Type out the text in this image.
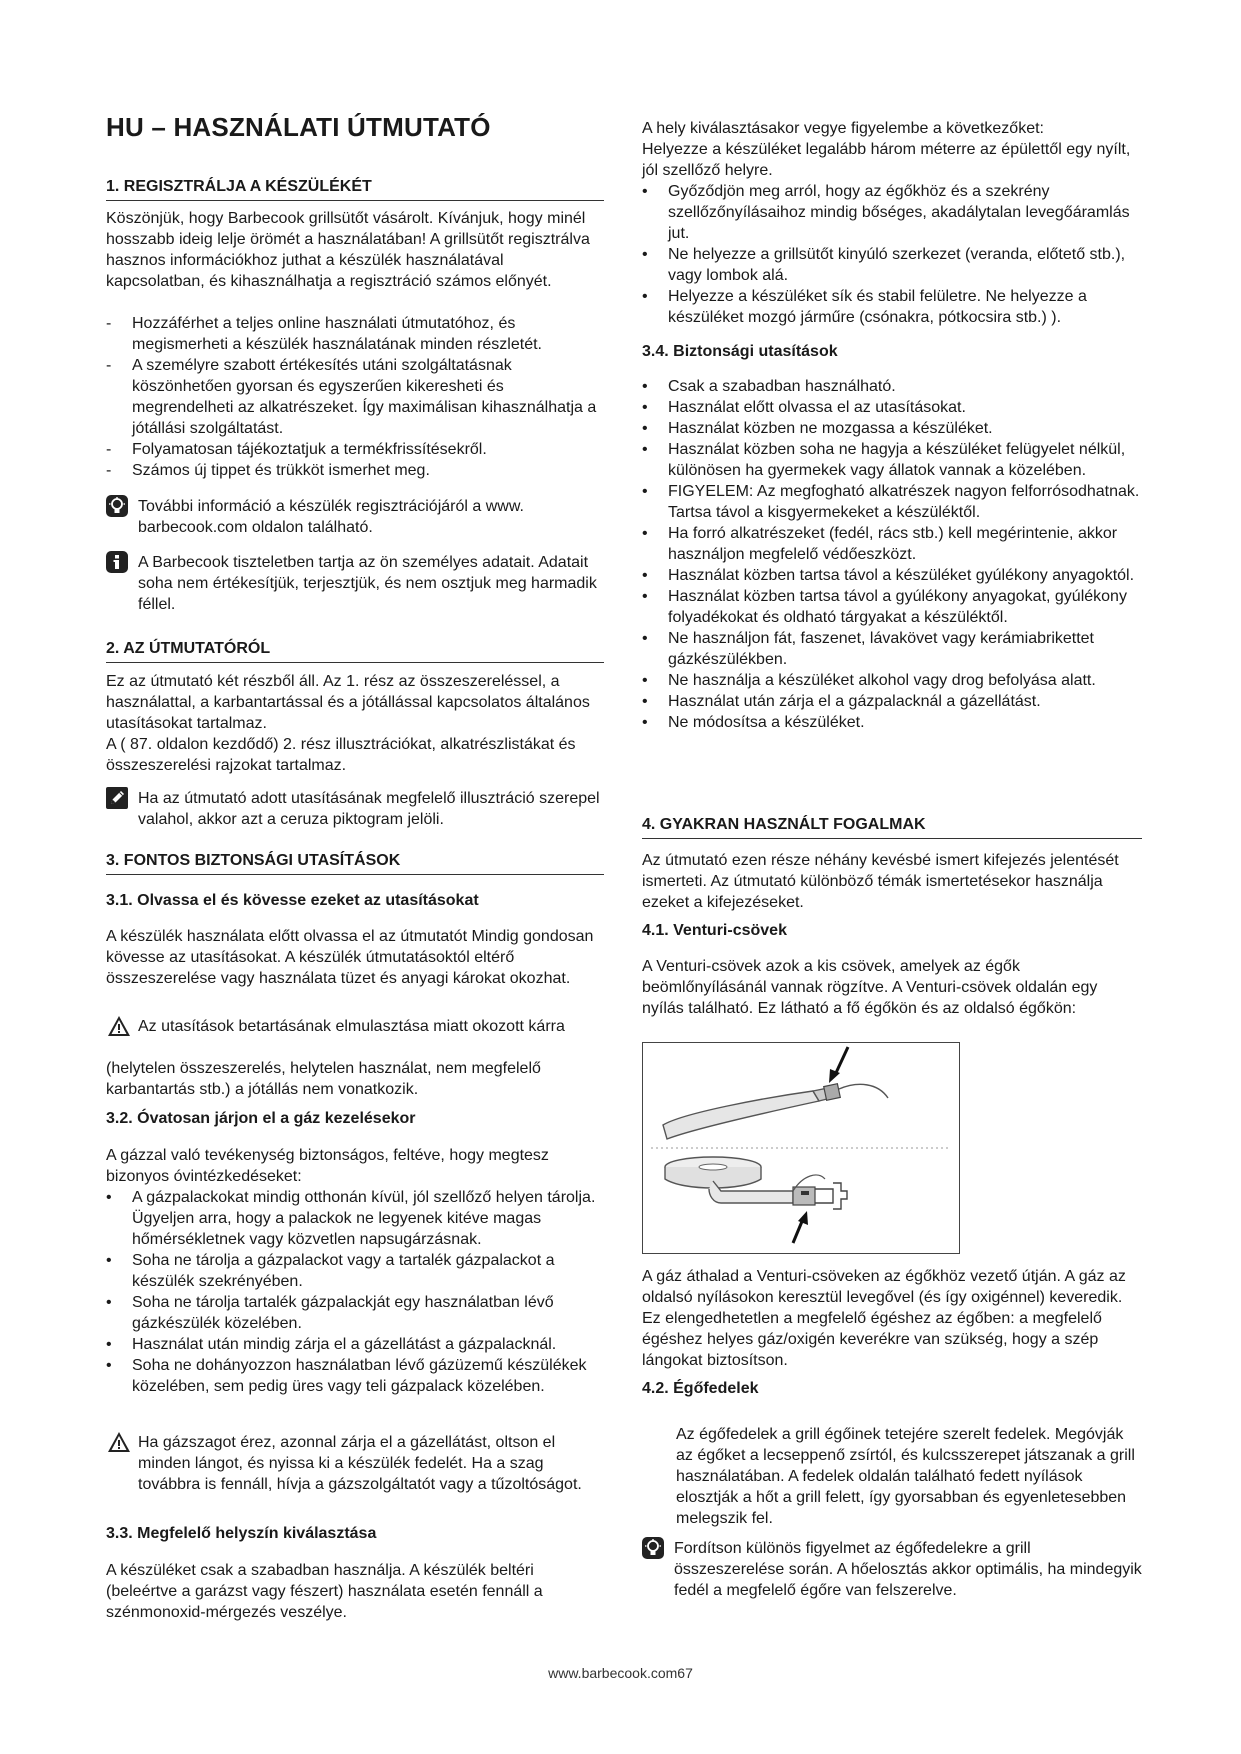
HU – HASZNÁLATI ÚTMUTATÓ
1. REGISZTRÁLJA A KÉSZÜLÉKÉT

Köszönjük, hogy Barbecook grillsütőt vásárolt. Kívánjuk, hogy minél hosszabb ideig lelje örömét a használatában! A grillsütőt regisztrálva hasznos információkhoz juthat a készülék használatával kapcsolatban, és kihasználhatja a regisztráció számos előnyét.

- Hozzáférhet a teljes online használati útmutatóhoz, és megismerheti a készülék használatának minden részletét.
- A személyre szabott értékesítés utáni szolgáltatásnak köszönhetően gyorsan és egyszerűen kikeresheti és megrendelheti az alkatrészeket. Így maximálisan kihasználhatja a jótállási szolgáltatást.
- Folyamatosan tájékoztatjuk a termékfrissítésekről.
- Számos új tippet és trükköt ismerhet meg.

További információ a készülék regisztrációjáról a www. barbecook.com oldalon található.

A Barbecook tiszteletben tartja az ön személyes adatait. Adatait soha nem értékesítjük, terjesztjük, és nem osztjuk meg harmadik féllel.

2. AZ ÚTMUTATÓRÓL

Ez az útmutató két részből áll. Az 1. rész az összeszereléssel, a használattal, a karbantartással és a jótállással kapcsolatos általános utasításokat tartalmaz.

A ( 87. oldalon kezdődő) 2. rész illusztrációkat, alkatrészlistákat és összeszerelési rajzokat tartalmaz.

Ha az útmutató adott utasításának megfelelő illusztráció szerepel valahol, akkor azt a ceruza piktogram jelöli.

3. FONTOS BIZTONSÁGI UTASÍTÁSOK
3.1. Olvassa el és kövesse ezeket az utasításokat

A készülék használata előtt olvassa el az útmutatót Mindig gondosan kövesse az utasításokat. A készülék útmutatásoktól eltérő összeszerelése vagy használata tüzet és anyagi károkat okozhat.

Az utasítások betartásának elmulasztása miatt okozott kárra

(helytelen összeszerelés, helytelen használat, nem megfelelő karbantartás stb.) a jótállás nem vonatkozik.

3.2. Óvatosan járjon el a gáz kezelésekor

A gázzal való tevékenység biztonságos, feltéve, hogy megtesz bizonyos óvintézkedéseket:

• A gázpalackokat mindig otthonán kívül, jól szellőző helyen tárolja. Ügyeljen arra, hogy a palackok ne legyenek kitéve magas hőmérsékletnek vagy közvetlen napsugárzásnak.
• Soha ne tárolja a gázpalackot vagy a tartalék gázpalackot a készülék szekrényében.
• Soha ne tárolja tartalék gázpalackját egy használatban lévő gázkészülék közelében.
• Használat után mindig zárja el a gázellátást a gázpalacknál.
• Soha ne dohányozzon használatban lévő gázüzemű készülékek közelében, sem pedig üres vagy teli gázpalack közelében.

Ha gázszagot érez, azonnal zárja el a gázellátást, oltson el minden lángot, és nyissa ki a készülék fedelét. Ha a szag továbbra is fennáll, hívja a gázszolgáltatót vagy a tűzoltóságot.

3.3. Megfelelő helyszín kiválasztása

A készüléket csak a szabadban használja. A készülék beltéri (beleértve a garázst vagy fészert) használata esetén fennáll a szénmonoxid-mérgezés veszélye.

A hely kiválasztásakor vegye figyelembe a következőket:

Helyezze a készüléket legalább három méterre az épülettől egy nyílt, jól szellőző helyre.

• Győződjön meg arról, hogy az égőkhöz és a szekrény szellőzőnyílásaihoz mindig bőséges, akadálytalan levegőáramlás jut.
• Ne helyezze a grillsütőt kinyúló szerkezet (veranda, előtető stb.), vagy lombok alá.
• Helyezze a készüléket sík és stabil felületre. Ne helyezze a készüléket mozgó járműre (csónakra, pótkocsira stb.) ).
3.4. Biztonsági utasítások
• Csak a szabadban használható.
• Használat előtt olvassa el az utasításokat.
• Használat közben ne mozgassa a készüléket.
• Használat közben soha ne hagyja a készüléket felügyelet nélkül, különösen ha gyermekek vagy állatok vannak a közelében.
• FIGYELEM: Az megfogható alkatrészek nagyon felforrósodhatnak. Tartsa távol a kisgyermekeket a készüléktől.
• Ha forró alkatrészeket (fedél, rács stb.) kell megérintenie, akkor használjon megfelelő védőeszközt.
• Használat közben tartsa távol a készüléket gyúlékony anyagoktól.
• Használat közben tartsa távol a gyúlékony anyagokat, gyúlékony folyadékokat és oldható tárgyakat a készüléktől.
• Ne használjon fát, faszenet, lávakövet vagy kerámiabrikettet gázkészülékben.
• Ne használja a készüléket alkohol vagy drog befolyása alatt.
• Használat után zárja el a gázpalacknál a gázellátást.
• Ne módosítsa a készüléket.
4. GYAKRAN HASZNÁLT FOGALMAK

Az útmutató ezen része néhány kevésbé ismert kifejezés jelentését ismerteti. Az útmutató különböző témák ismertetésekor használja ezeket a kifejezéseket.

4.1. Venturi-csövek

A Venturi-csövek azok a kis csövek, amelyek az égők beömlőnyílásánál vannak rögzítve. A Venturi-csövek oldalán egy nyílás található. Ez látható a fő égőkön és az oldalsó égőkön:

A gáz áthalad a Venturi-csöveken az égőkhöz vezető útján. A gáz az oldalsó nyílásokon keresztül levegővel (és így oxigénnel) keveredik. Ez elengedhetetlen a megfelelő égéshez az égőben: a megfelelő égéshez helyes gáz/oxigén keverékre van szükség, hogy a szép lángokat biztosítson.

4.2. Égőfedelek

Az égőfedelek a grill égőinek tetejére szerelt fedelek. Megóvják az égőket a lecseppenő zsírtól, és kulcsszerepet játszanak a grill használatában. A fedelek oldalán található fedett nyílások elosztják a hőt a grill felett, így gyorsabban és egyenletesebben melegszik fel.

Fordítson különös figyelmet az égőfedelekre a grill összeszerelése során. A hőelosztás akkor optimális, ha mindegyik fedél a megfelelő égőre van felszerelve.

www.barbecook.com67
